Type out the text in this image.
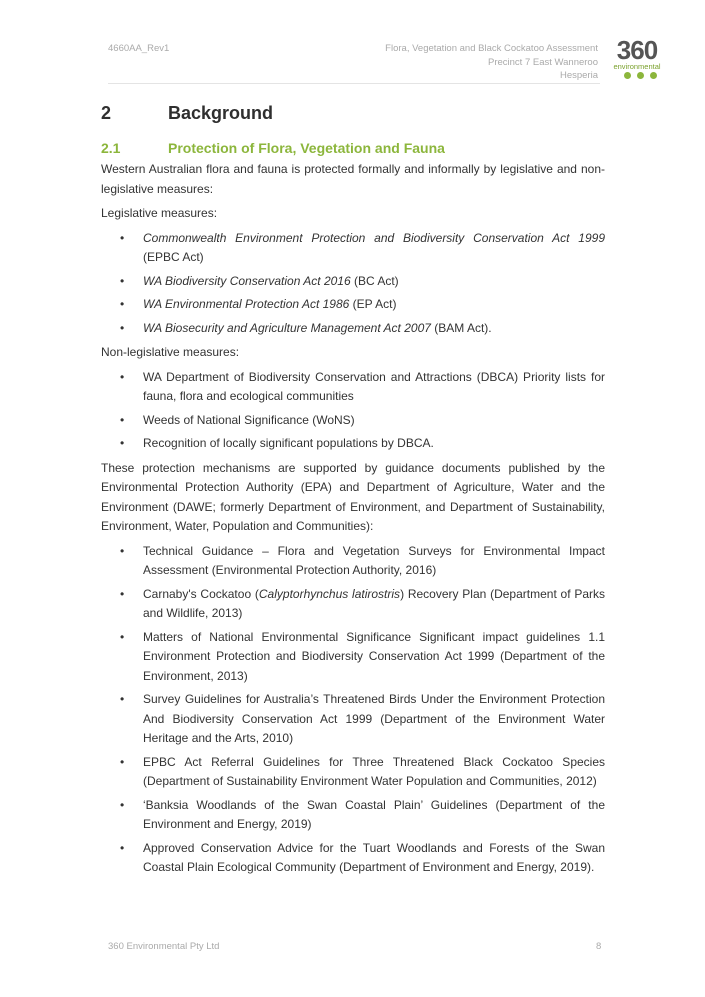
4660AA_Rev1	Flora, Vegetation and Black Cockatoo Assessment
Precinct 7 East Wanneroo
Hesperia
360
environmental
2	Background
2.1	Protection of Flora, Vegetation and Fauna

Western Australian flora and fauna is protected formally and informally by legislative and non-legislative measures:

Legislative measures:

• Commonwealth Environment Protection and Biodiversity Conservation Act 1999 (EPBC Act)
• WA Biodiversity Conservation Act 2016 (BC Act)
• WA Environmental Protection Act 1986 (EP Act)
• WA Biosecurity and Agriculture Management Act 2007 (BAM Act).

Non-legislative measures:

• WA Department of Biodiversity Conservation and Attractions (DBCA) Priority lists for fauna, flora and ecological communities
• Weeds of National Significance (WoNS)
• Recognition of locally significant populations by DBCA.

These protection mechanisms are supported by guidance documents published by the Environmental Protection Authority (EPA) and Department of Agriculture, Water and the Environment (DAWE; formerly Department of Environment, and Department of Sustainability, Environment, Water, Population and Communities):

• Technical Guidance – Flora and Vegetation Surveys for Environmental Impact Assessment (Environmental Protection Authority, 2016)
• Carnaby's Cockatoo (Calyptorhynchus latirostris) Recovery Plan (Department of Parks and Wildlife, 2013)
• Matters of National Environmental Significance Significant impact guidelines 1.1 Environment Protection and Biodiversity Conservation Act 1999 (Department of the Environment, 2013)
• Survey Guidelines for Australia’s Threatened Birds Under the Environment Protection And Biodiversity Conservation Act 1999 (Department of the Environment Water Heritage and the Arts, 2010)
• EPBC Act Referral Guidelines for Three Threatened Black Cockatoo Species (Department of Sustainability Environment Water Population and Communities, 2012)
• ‘Banksia Woodlands of the Swan Coastal Plain’ Guidelines (Department of the Environment and Energy, 2019)
• Approved Conservation Advice for the Tuart Woodlands and Forests of the Swan Coastal Plain Ecological Community (Department of Environment and Energy, 2019).
360 Environmental Pty Ltd	8
